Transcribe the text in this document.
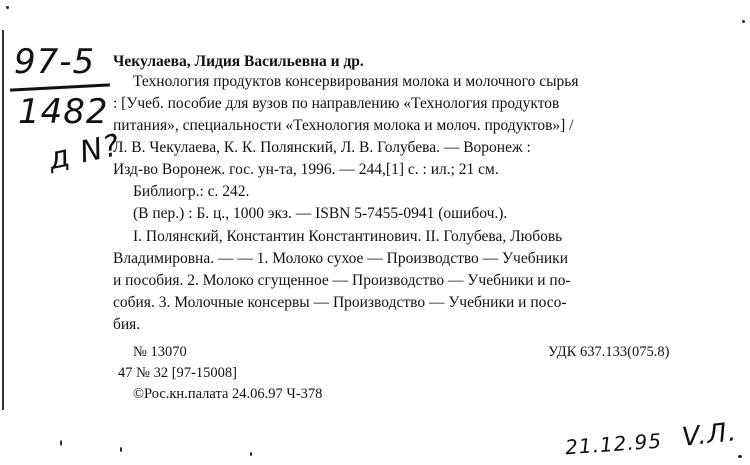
97-5
1482
д N?
Чекулаева, Лидия Васильевна и др.
Технология продуктов консервирования молока и молочного сырья
: [Учеб. пособие для вузов по направлению «Технология продуктов
питания», специальности «Технология молока и молоч. продуктов»] /
Л. В. Чекулаева, К. К. Полянский, Л. В. Голубева. — Воронеж :
Изд-во Воронеж. гос. ун-та, 1996. — 244,[1] с. : ил.; 21 см.
Библиогр.: с. 242.
(В пер.) : Б. ц., 1000 экз. — ISBN 5-7455-0941 (ошибоч.).
I. Полянский, Константин Константинович. II. Голубева, Любовь
Владимировна. — — 1. Молоко сухое — Производство — Учебники
и пособия. 2. Молоко сгущенное — Производство — Учебники и по-
собия. 3. Молочные консервы — Производство — Учебники и посо-
бия.
№ 13070	УДК 637.133(075.8)
47 № 32 [97-15008]
©Рос.кн.палата 24.06.97 Ч-378
21.12.95 V.Л.
